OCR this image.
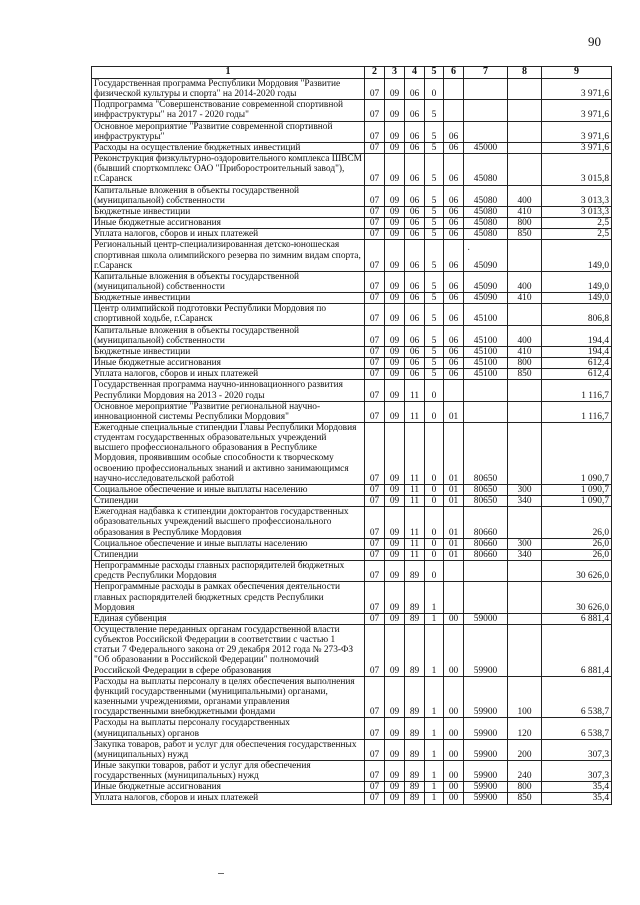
90
1	2	3	4	5	6	7	8	9
Государственная программа Республики Мордовия "Развитие физической культуры и спорта" на 2014-2020 годы	07	09	06	0				3 971,6
Подпрограмма "Совершенствование современной спортивной инфраструктуры" на 2017 - 2020 годы"	07	09	06	5				3 971,6
Основное мероприятие "Развитие современной спортивной инфраструктуры"	07	09	06	5	06			3 971,6
Расходы на осуществление бюджетных инвестиций	07	09	06	5	06	45000		3 971,6
Реконструкция физкультурно-оздоровительного комплекса ШВСМ (бывший спорткомплекс ОАО "Приборостроительный завод"), г.Саранск	07	09	06	5	06	45080		3 015,8
Капитальные вложения в объекты государственной (муниципальной) собственности	07	09	06	5	06	45080	400	3 013,3
Бюджетные инвестиции	07	09	06	5	06	45080	410	3 013,3
Иные бюджетные ассигнования	07	09	06	5	06	45080	800	2,5
Уплата налогов, сборов и иных платежей	07	09	06	5	06	45080	850	2,5
Региональный центр-специализированная детско-юношеская спортивная школа олимпийского резерва по зимним видам спорта, г.Саранск	07	09	06	5	06	45090		149,0
Капитальные вложения в объекты государственной (муниципальной) собственности	07	09	06	5	06	45090	400	149,0
Бюджетные инвестиции	07	09	06	5	06	45090	410	149,0
Центр олимпийской подготовки Республики Мордовия по спортивной ходьбе, г.Саранск	07	09	06	5	06	45100		806,8
Капитальные вложения в объекты государственной (муниципальной) собственности	07	09	06	5	06	45100	400	194,4
Бюджетные инвестиции	07	09	06	5	06	45100	410	194,4
Иные бюджетные ассигнования	07	09	06	5	06	45100	800	612,4
Уплата налогов, сборов и иных платежей	07	09	06	5	06	45100	850	612,4
Государственная программа научно-инновационного развития Республики Мордовия на 2013 - 2020 годы	07	09	11	0				1 116,7
Основное мероприятие "Развитие региональной научно-инновационной системы Республики Мордовия"	07	09	11	0	01			1 116,7
Ежегодные специальные стипендии Главы Республики Мордовия студентам государственных образовательных учреждений высшего профессионального образования в Республике Мордовия, проявившим особые способности к творческому освоению профессиональных знаний и активно занимающимся научно-исследовательской работой	07	09	11	0	01	80650		1 090,7
Социальное обеспечение и иные выплаты населению	07	09	11	0	01	80650	300	1 090,7
Стипендии	07	09	11	0	01	80650	340	1 090,7
Ежегодная надбавка к стипендии докторантов государственных образовательных учреждений высшего профессионального образования в Республике Мордовия	07	09	11	0	01	80660		26,0
Социальное обеспечение и иные выплаты населению	07	09	11	0	01	80660	300	26,0
Стипендии	07	09	11	0	01	80660	340	26,0
Непрограммные расходы главных распорядителей бюджетных средств Республики Мордовия	07	09	89	0				30 626,0
Непрограммные расходы в рамках обеспечения деятельности главных распорядителей бюджетных средств Республики Мордовия	07	09	89	1				30 626,0
Единая субвенция	07	09	89	1	00	59000		6 881,4
Осуществление переданных органам государственной власти субъектов Российской Федерации в соответствии с частью 1 статьи 7 Федерального закона от 29 декабря 2012 года № 273-ФЗ "Об образовании в Российской Федерации" полномочий Российской Федерации в сфере образования	07	09	89	1	00	59900		6 881,4
Расходы на выплаты персоналу в целях обеспечения выполнения функций государственными (муниципальными) органами, казенными учреждениями, органами управления государственными внебюджетными фондами	07	09	89	1	00	59900	100	6 538,7
Расходы на выплаты персоналу государственных (муниципальных) органов	07	09	89	1	00	59900	120	6 538,7
Закупка товаров, работ и услуг для обеспечения государственных (муниципальных) нужд	07	09	89	1	00	59900	200	307,3
Иные закупки товаров, работ и услуг для обеспечения государственных (муниципальных) нужд	07	09	89	1	00	59900	240	307,3
Иные бюджетные ассигнования	07	09	89	1	00	59900	800	35,4
Уплата налогов, сборов и иных платежей	07	09	89	1	00	59900	850	35,4
·
